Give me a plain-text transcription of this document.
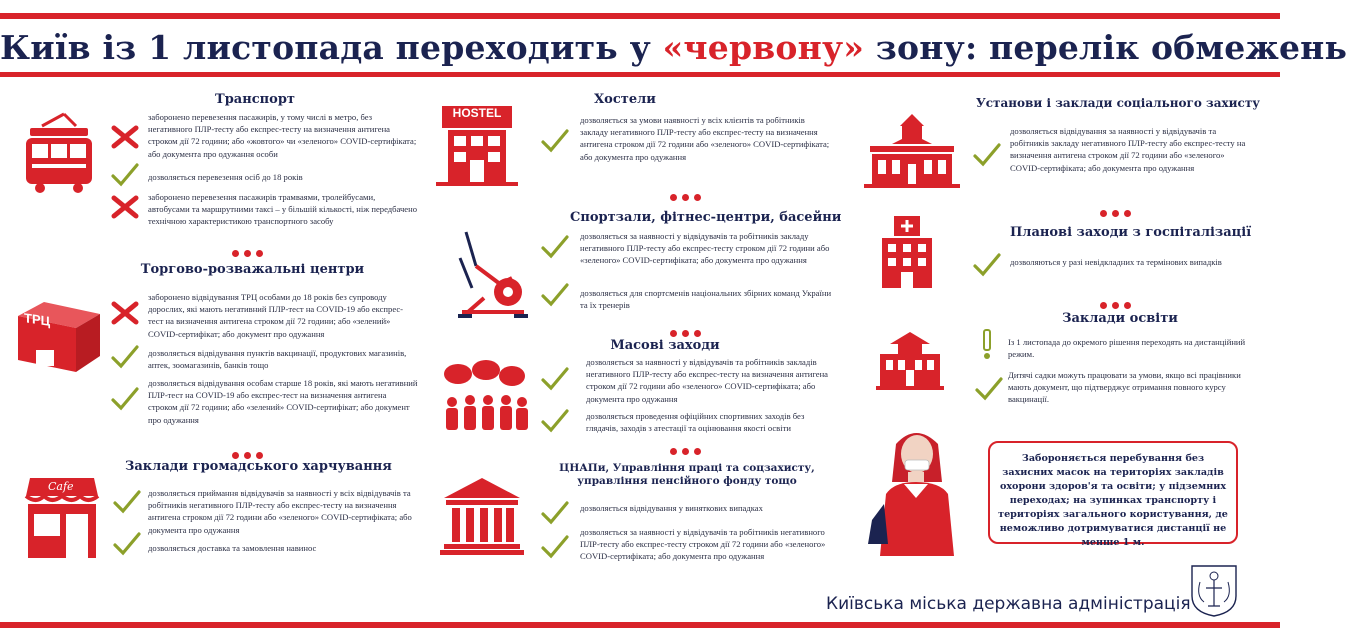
Київ із 1 листопада переходить у «червону» зону: перелік обмежень
Транспорт
заборонено перевезення пасажирів, у тому числі в метро, без негативного ПЛР-тесту або експрес-тесту на визначення антигена строком дії 72 години; або «жовтого» чи «зеленого» COVID-сертифіката; або документа про одужання особи
дозволяється перевезення осіб до 18 років
заборонено перевезення пасажирів трамваями, тролейбусами, автобусами та маршрутними таксі – у більшій кількості, ніж передбачено технічною характеристикою транспортного засобу
Торгово-розважальні центри
ТРЦ
заборонено відвідування ТРЦ особами до 18 років без супроводу дорослих, які мають негативний ПЛР-тест на COVID-19 або експрес-тест на визначення антигена строком дії 72 години; або «зелений» COVID-сертифікат; або документ про одужання
дозволяється відвідування пунктів вакцинації, продуктових магазинів, аптек, зоомагазинів, банків тощо
дозволяється відвідування особам старше 18 років, які мають негативний ПЛР-тест на COVID-19 або експрес-тест на визначення антигена строком дії 72 години; або «зелений» COVID-сертифікат; або документ про одужання
Заклади громадського харчування
Cafe	дозволяється приймання відвідувачів за наявності у всіх відвідувачів та робітників негативного ПЛР-тесту або експрес-тесту на визначення антигена строком дії 72 години або «зеленого» COVID-сертифіката; або документа про одужання
дозволяється доставка та замовлення навинос
Хостели
HOSTEL	дозволяється за умови наявності у всіх клієнтів та робітників закладу негативного ПЛР-тесту або експрес-тесту на визначення антигена строком дії 72 години або «зеленого» COVID-сертифіката; або документа про одужання
Спортзали, фітнес-центри, басейни
дозволяється за наявності у відвідувачів та робітників закладу негативного ПЛР-тесту або експрес-тесту строком дії 72 години або «зеленого» COVID-сертифіката; або документа про одужання
дозволяється для спортсменів національних збірних команд України та їх тренерів
Масові заходи
дозволяється за наявності у відвідувачів та робітників закладів негативного ПЛР-тесту або експрес-тесту на визначення антигена строком дії 72 години або «зеленого» COVID-сертифіката; або документа про одужання
дозволяється проведення офіційних спортивних заходів без глядачів, заходів з атестації та оцінювання якості освіти
ЦНАПи, Управління праці та соцзахисту, управління пенсійного фонду тощо
дозволяється відвідування у виняткових випадках
дозволяється за наявності у відвідувачів та робітників негативного ПЛР-тесту або експрес-тесту строком дії 72 години або «зеленого» COVID-сертифіката; або документа про одужання
Установи і заклади соціального захисту
дозволяється відвідування за наявності у відвідувачів та робітників закладу негативного ПЛР-тесту або експрес-тесту на визначення антигена строком дії 72 години або «зеленого» COVID-сертифіката; або документа про одужання
Планові заходи з госпіталізації
дозволяються у разі невідкладних та термінових випадків
Заклади освіти
Із 1 листопада до окремого рішення переходять на дистанційний режим.
Дитячі садки можуть працювати за умови, якщо всі працівники мають документ, що підтверджує отримання повного курсу вакцинації.
Забороняється перебування без захисних масок на територіях закладів охорони здоров'я та освіти; у підземних переходах; на зупинках транспорту і територіях загального користування, де неможливо дотримуватися дистанції не менше 1 м.
Київська міська державна адміністрація
